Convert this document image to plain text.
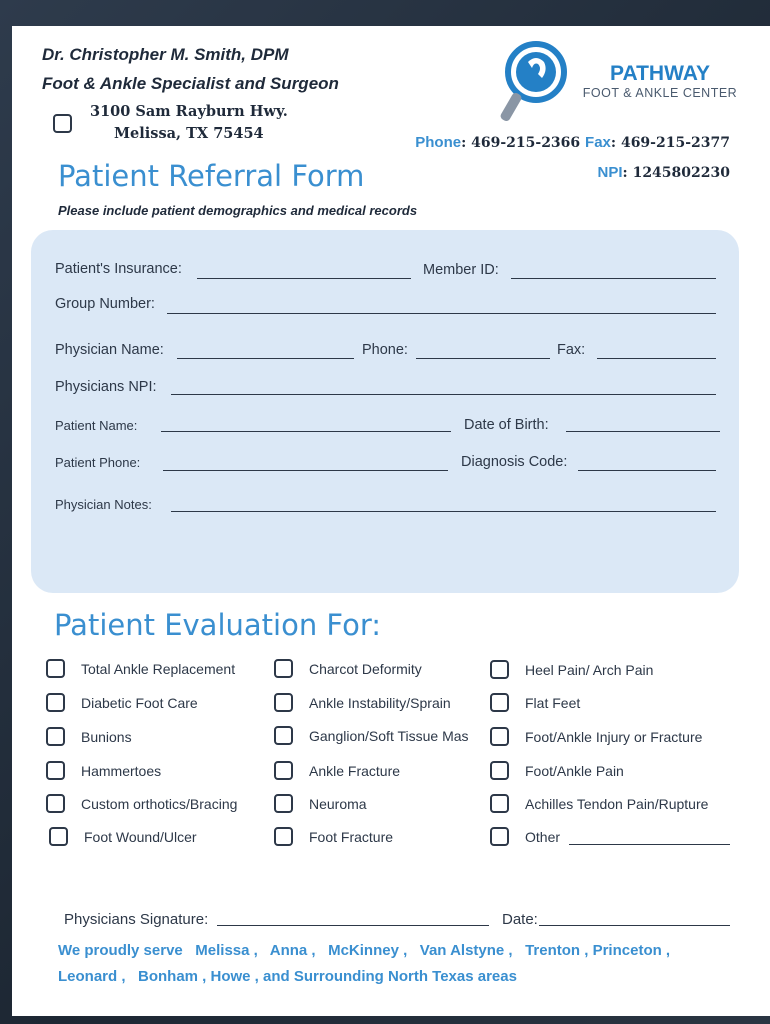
Dr. Christopher M. Smith, DPM
Foot & Ankle Specialist and Surgeon
3100 Sam Rayburn Hwy.
Melissa, TX 75454
PATHWAY
FOOT & ANKLE CENTER
Phone: 469-215-2366 Fax: 469-215-2377
NPI: 1245802230
Patient Referral Form
Please include patient demographics and medical records
Patient's Insurance:	Member ID:
Group Number:
Physician Name:	Phone:	Fax:
Physicians NPI:
Patient Name:	Date of Birth:
Patient Phone:	Diagnosis Code:
Physician Notes:
Patient Evaluation For:
Total Ankle Replacement
Diabetic Foot Care
Bunions
Hammertoes
Custom orthotics/Bracing
Foot Wound/Ulcer
Charcot Deformity
Ankle Instability/Sprain
Ganglion/Soft Tissue Mas
Ankle Fracture
Neuroma
Foot Fracture
Heel Pain/ Arch Pain
Flat Feet
Foot/Ankle Injury or Fracture
Foot/Ankle Pain
Achilles Tendon Pain/Rupture
Other
Physicians Signature:	Date:
We proudly serve   Melissa ,   Anna ,   McKinney ,   Van Alstyne ,   Trenton , Princeton ,
Leonard ,   Bonham , Howe , and Surrounding North Texas areas
